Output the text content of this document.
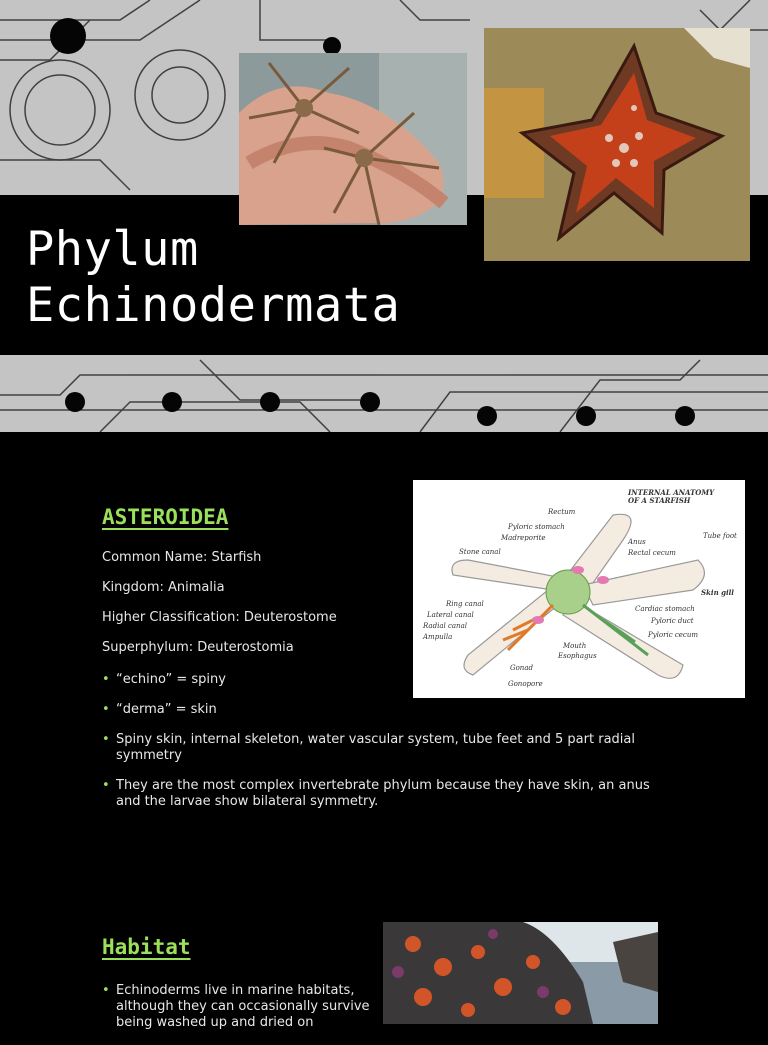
Phylum
Echinodermata
ASTEROIDEA
Common Name: Starfish
Kingdom: Animalia
Higher Classification: Deuterostome
Superphylum: Deuterostomia
• “echino” = spiny
• “derma” = skin
• Spiny skin, internal skeleton, water vascular system, tube feet and 5 part radial symmetry
• They are the most complex invertebrate phylum because they have skin, an anus and the larvae show bilateral symmetry.
INTERNAL ANATOMY
OF A STARFISH
Rectum
Pyloric stomach
Madreporite
Stone canal
Tube foot
Anus
Rectal cecum
Skin gill
Ring canal
Lateral canal
Radial canal
Ampulla
Cardiac stomach
Pyloric duct
Pyloric cecum
Mouth
Esophagus
Gonad
Gonopore
Habitat
• Echinoderms live in marine habitats, although they can occasionally survive being washed up and dried on
